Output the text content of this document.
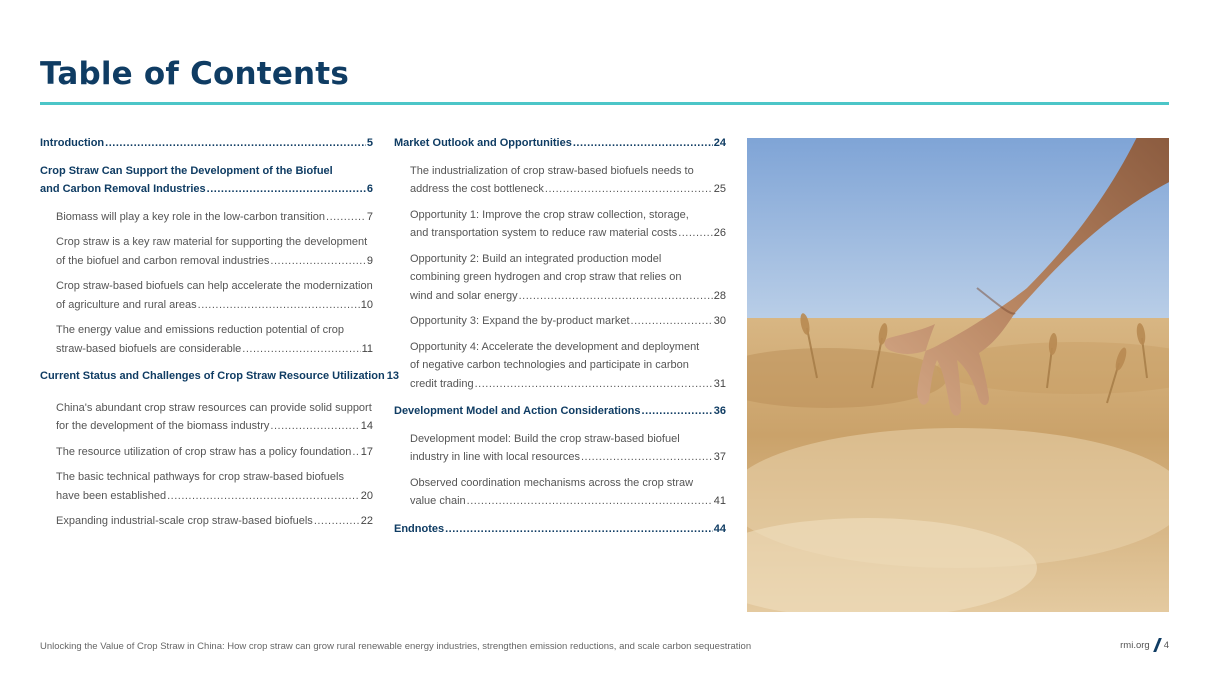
Table of Contents
Introduction .....	5
Crop Straw Can Support the Development of the Biofuel
and Carbon Removal Industries .....	6
Biomass will play a key role in the low-carbon transition .....	7
Crop straw is a key raw material for supporting the development
of the biofuel and carbon removal industries .....	9
Crop straw-based biofuels can help accelerate the modernization
of agriculture and rural areas .....	10
The energy value and emissions reduction potential of crop
straw-based biofuels are considerable .....	11
Current Status and Challenges of Crop Straw Resource Utilization 13
China's abundant crop straw resources can provide solid support
for the development of the biomass industry .....	14
The resource utilization of crop straw has a policy foundation ..... 17
The basic technical pathways for crop straw-based biofuels
have been established .....	20
Expanding industrial-scale crop straw-based biofuels .....	22
Market Outlook and Opportunities .....	24
The industrialization of crop straw-based biofuels needs to
address the cost bottleneck .....	25
Opportunity 1: Improve the crop straw collection, storage,
and transportation system to reduce raw material costs .....	26
Opportunity 2: Build an integrated production model
combining green hydrogen and crop straw that relies on
wind and solar energy .....	28
Opportunity 3: Expand the by-product market .....	30
Opportunity 4: Accelerate the development and deployment
of negative carbon technologies and participate in carbon
credit trading .....	31
Development Model and Action Considerations .....	36
Development model: Build the crop straw-based biofuel
industry in line with local resources .....	37
Observed coordination mechanisms across the crop straw
value chain .....	41
Endnotes .....	44
Unlocking the Value of Crop Straw in China: How crop straw can grow rural renewable energy industries, strengthen emission reductions, and scale carbon sequestration	rmi.org 4
